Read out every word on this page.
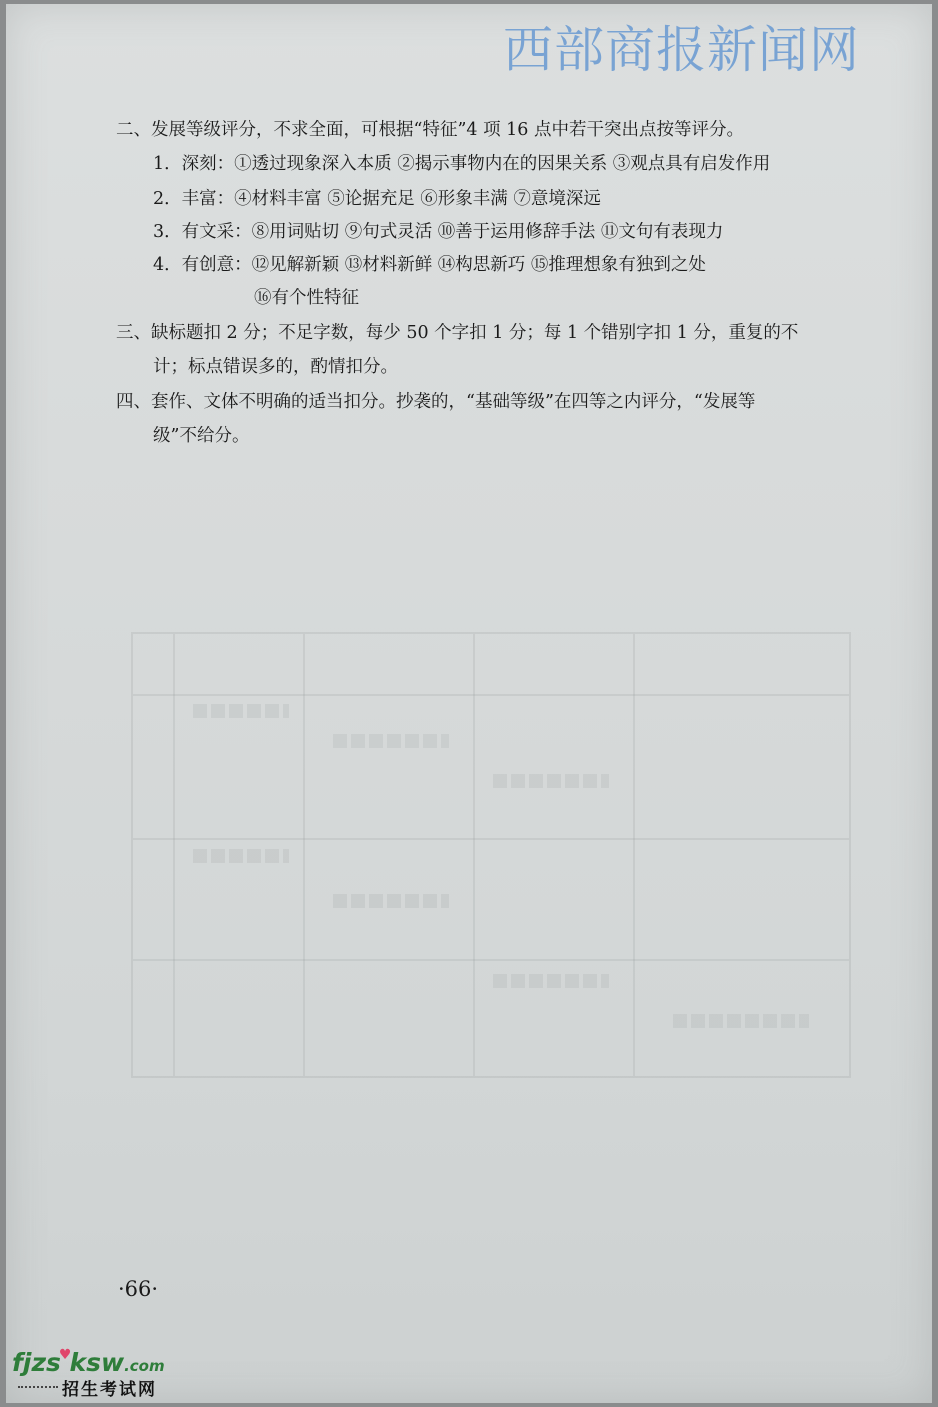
西部商报新闻网
二、发展等级评分，不求全面，可根据“特征”4 项 16 点中若干突出点按等评分。
1．深刻：①透过现象深入本质 ②揭示事物内在的因果关系 ③观点具有启发作用
2．丰富：④材料丰富 ⑤论据充足 ⑥形象丰满 ⑦意境深远
3．有文采：⑧用词贴切 ⑨句式灵活 ⑩善于运用修辞手法 ⑪文句有表现力
4．有创意：⑫见解新颖 ⑬材料新鲜 ⑭构思新巧 ⑮推理想象有独到之处
⑯有个性特征
三、缺标题扣 2 分；不足字数，每少 50 个字扣 1 分；每 1 个错别字扣 1 分，重复的不
计；标点错误多的，酌情扣分。
四、套作、文体不明确的适当扣分。抄袭的，“基础等级”在四等之内评分，“发展等
级”不给分。
·66·
fjzs♥ksw.com
招生考试网
